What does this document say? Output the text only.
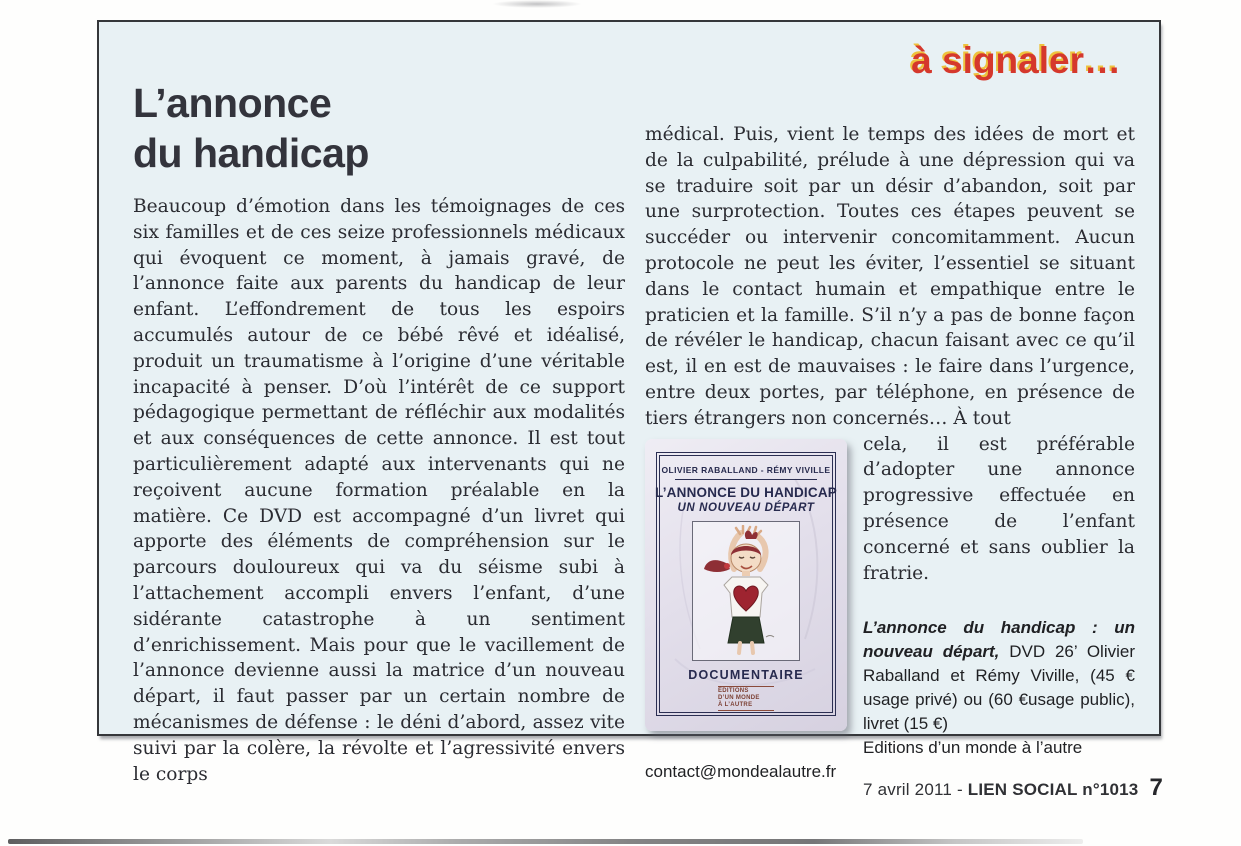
à signaler…
L’annonce
du handicap
Beaucoup d’émotion dans les témoignages de ces six familles et de ces seize professionnels médicaux qui évoquent ce moment, à jamais gravé, de l’annonce faite aux parents du handicap de leur enfant. L’effondrement de tous les espoirs accumulés autour de ce bébé rêvé et idéalisé, produit un traumatisme à l’origine d’une véritable incapacité à penser. D’où l’intérêt de ce support pédagogique permettant de réfléchir aux modalités et aux conséquences de cette annonce. Il est tout particulièrement adapté aux intervenants qui ne reçoivent aucune formation préalable en la matière. Ce DVD est accompagné d’un livret qui apporte des éléments de compréhension sur le parcours douloureux qui va du séisme subi à l’attachement accompli envers l’enfant, d’une sidérante catastrophe à un sentiment d’enrichissement. Mais pour que le vacillement de l’annonce devienne aussi la matrice d’un nouveau départ, il faut passer par un certain nombre de mécanismes de défense : le déni d’abord, assez vite suivi par la colère, la révolte et l’agressivité envers le corps

médical. Puis, vient le temps des idées de mort et de la culpabilité, prélude à une dépression qui va se traduire soit par un désir d’abandon, soit par une surprotection. Toutes ces étapes peuvent se succéder ou intervenir concomitamment. Aucun protocole ne peut les éviter, l’essentiel se situant dans le contact humain et empathique entre le praticien et la famille. S’il n’y a pas de bonne façon de révéler le handicap, chacun faisant avec ce qu’il est, il en est de mauvaises : le faire dans l’urgence, entre deux portes, par téléphone, en présence de tiers étrangers non concernés… À tout

OLIVIER RABALLAND - RÉMY VIVILLE
L’ANNONCE DU HANDICAP
UN NOUVEAU DÉPART
DOCUMENTAIRE
ÉDITIONS
D’UN MONDE
À L’AUTRE

cela, il est préférable d’adopter une annonce progressive effectuée en présence de l’enfant concerné et sans oublier la fratrie.

L’annonce du handicap : un nouveau départ, DVD 26’ Olivier Raballand et Rémy Viville, (45 € usage privé) ou (60 €usage public), livret (15 €)

Editions d’un monde à l’autre

contact@mondealautre.fr

7 avril 2011 - LIEN SOCIAL n°1013 7
